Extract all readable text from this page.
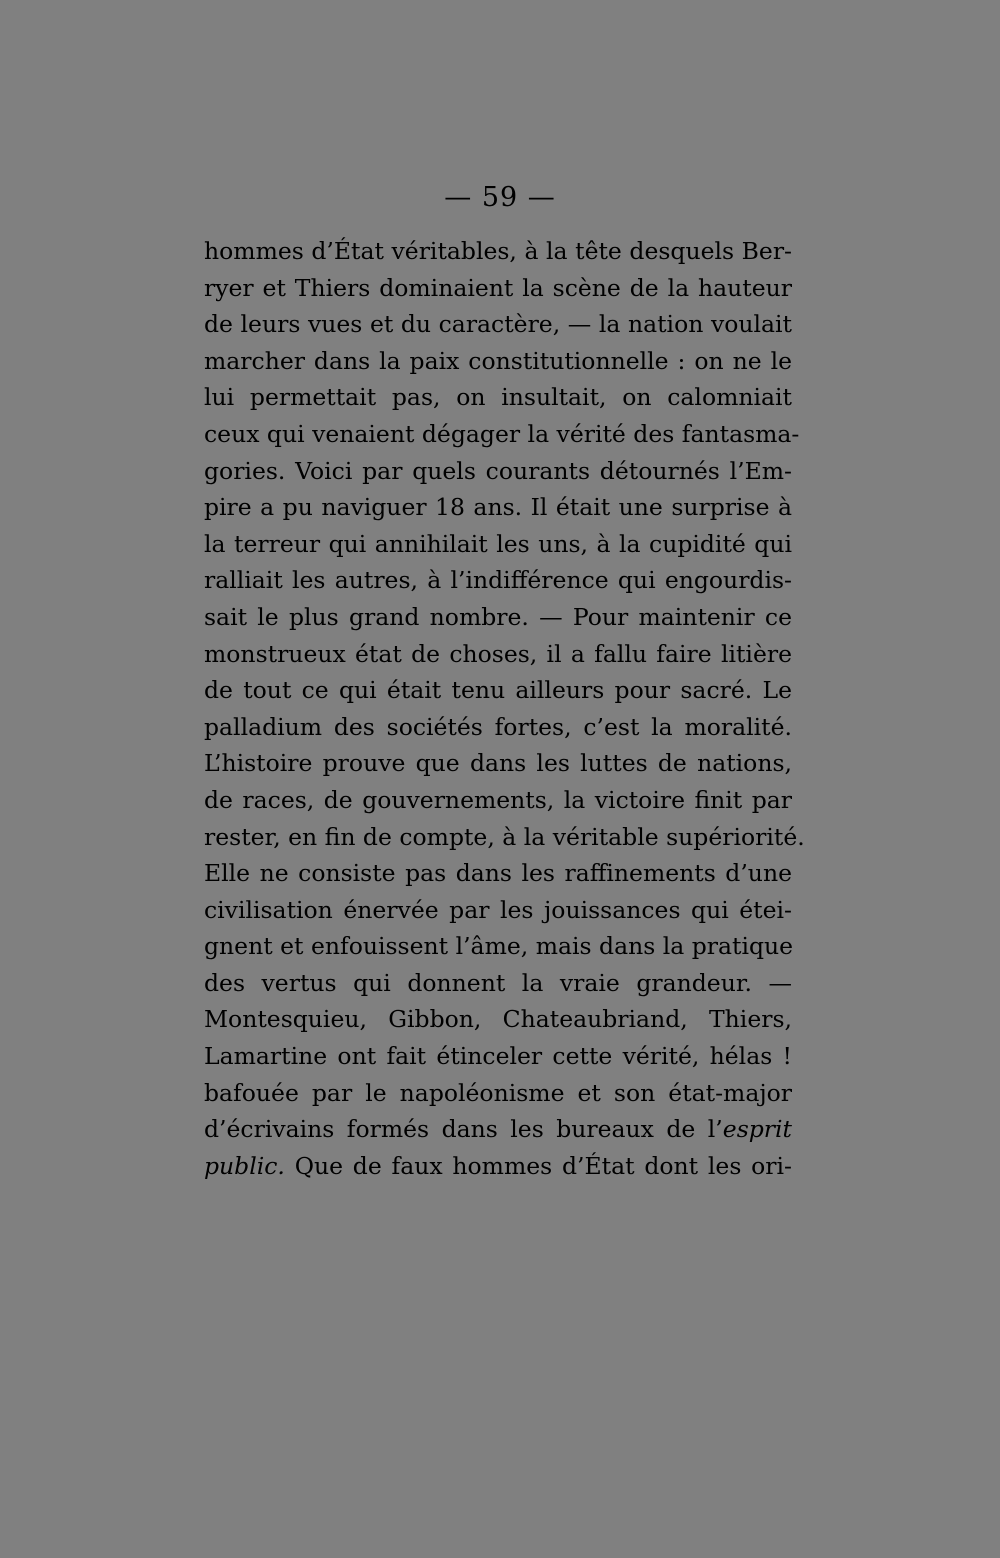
— 59 —
hommes d’État véritables, à la tête desquels Ber-
ryer et Thiers dominaient la scène de la hauteur
de leurs vues et du caractère, — la nation voulait
marcher dans la paix constitutionnelle : on ne le
lui permettait pas, on insultait, on calomniait
ceux qui venaient dégager la vérité des fantasma-
gories. Voici par quels courants détournés l’Em-
pire a pu naviguer 18 ans. Il était une surprise à
la terreur qui annihilait les uns, à la cupidité qui
ralliait les autres, à l’indifférence qui engourdis-
sait le plus grand nombre. — Pour maintenir ce
monstrueux état de choses, il a fallu faire litière
de tout ce qui était tenu ailleurs pour sacré. Le
palladium des sociétés fortes, c’est la moralité.
L’histoire prouve que dans les luttes de nations,
de races, de gouvernements, la victoire finit par
rester, en fin de compte, à la véritable supériorité.
Elle ne consiste pas dans les raffinements d’une
civilisation énervée par les jouissances qui étei-
gnent et enfouissent l’âme, mais dans la pratique
des vertus qui donnent la vraie grandeur. —
Montesquieu, Gibbon, Chateaubriand, Thiers,
Lamartine ont fait étinceler cette vérité, hélas !
bafouée par le napoléonisme et son état-major
d’écrivains formés dans les bureaux de l’esprit
public. Que de faux hommes d’État dont les ori-
